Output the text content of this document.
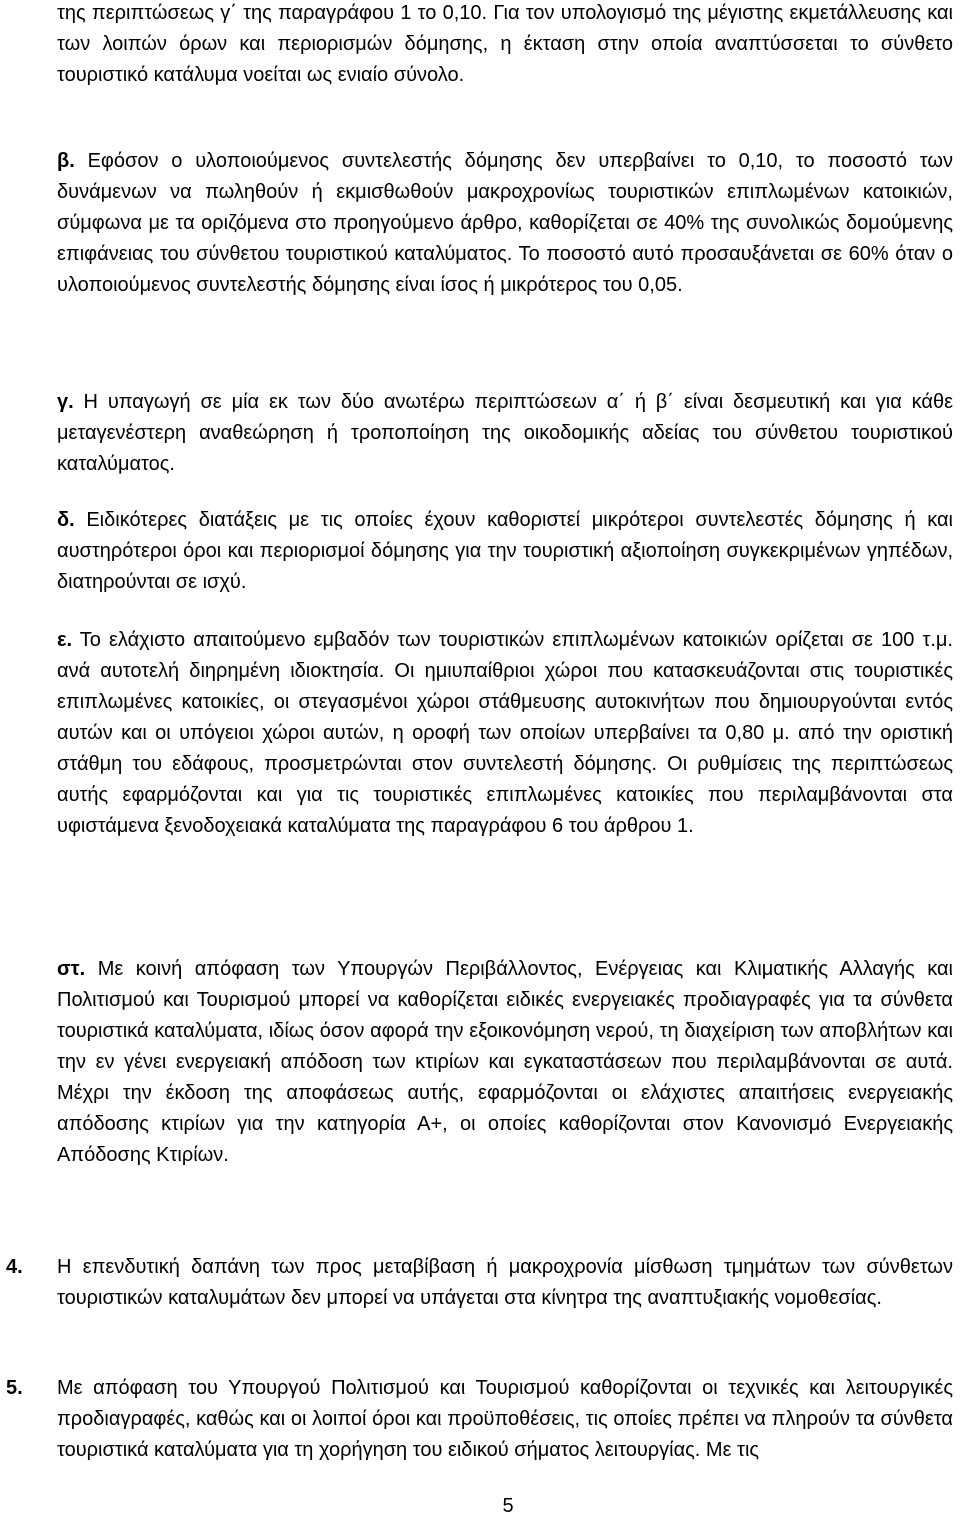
της περιπτώσεως γ΄ της παραγράφου 1 το 0,10. Για τον υπολογισμό της μέγιστης εκμετάλλευσης και των λοιπών όρων και περιορισμών δόμησης, η έκταση στην οποία αναπτύσσεται το σύνθετο τουριστικό κατάλυμα νοείται ως ενιαίο σύνολο.

β. Εφόσον ο υλοποιούμενος συντελεστής δόμησης δεν υπερβαίνει το 0,10, το ποσοστό των δυνάμενων να πωληθούν ή εκμισθωθούν μακροχρονίως τουριστικών επιπλωμένων κατοικιών, σύμφωνα με τα οριζόμενα στο προηγούμενο άρθρο, καθορίζεται σε 40% της συνολικώς δομούμενης επιφάνειας του σύνθετου τουριστικού καταλύματος. Το ποσοστό αυτό προσαυξάνεται σε 60% όταν ο υλοποιούμενος συντελεστής δόμησης είναι ίσος ή μικρότερος του 0,05.

γ. Η υπαγωγή σε μία εκ των δύο ανωτέρω περιπτώσεων α΄ ή β΄ είναι δεσμευτική και για κάθε μεταγενέστερη αναθεώρηση ή τροποποίηση της οικοδομικής αδείας του σύνθετου τουριστικού καταλύματος.

δ. Ειδικότερες διατάξεις με τις οποίες έχουν καθοριστεί μικρότεροι συντελεστές δόμησης ή και αυστηρότεροι όροι και περιορισμοί δόμησης για την τουριστική αξιοποίηση συγκεκριμένων γηπέδων, διατηρούνται σε ισχύ.

ε. Το ελάχιστο απαιτούμενο εμβαδόν των τουριστικών επιπλωμένων κατοικιών ορίζεται σε 100 τ.μ. ανά αυτοτελή διηρημένη ιδιοκτησία. Οι ημιυπαίθριοι χώροι που κατασκευάζονται στις τουριστικές επιπλωμένες κατοικίες, οι στεγασμένοι χώροι στάθμευσης αυτοκινήτων που δημιουργούνται εντός αυτών και οι υπόγειοι χώροι αυτών, η οροφή των οποίων υπερβαίνει τα 0,80 μ. από την οριστική στάθμη του εδάφους, προσμετρώνται στον συντελεστή δόμησης. Οι ρυθμίσεις της περιπτώσεως αυτής εφαρμόζονται και για τις τουριστικές επιπλωμένες κατοικίες που περιλαμβάνονται στα υφιστάμενα ξενοδοχειακά καταλύματα της παραγράφου 6 του άρθρου 1.

στ. Με κοινή απόφαση των Υπουργών Περιβάλλοντος, Ενέργειας και Κλιματικής Αλλαγής και Πολιτισμού και Τουρισμού μπορεί να καθορίζεται ειδικές ενεργειακές προδιαγραφές για τα σύνθετα τουριστικά καταλύματα, ιδίως όσον αφορά την εξοικονόμηση νερού, τη διαχείριση των αποβλήτων και την εν γένει ενεργειακή απόδοση των κτιρίων και εγκαταστάσεων που περιλαμβάνονται σε αυτά. Μέχρι την έκδοση της αποφάσεως αυτής, εφαρμόζονται οι ελάχιστες απαιτήσεις ενεργειακής απόδοσης κτιρίων για την κατηγορία Α+, οι οποίες καθορίζονται στον Κανονισμό Ενεργειακής Απόδοσης Κτιρίων.

4. Η επενδυτική δαπάνη των προς μεταβίβαση ή μακροχρονία μίσθωση τμημάτων των σύνθετων τουριστικών καταλυμάτων δεν μπορεί να υπάγεται στα κίνητρα της αναπτυξιακής νομοθεσίας.

5. Με απόφαση του Υπουργού Πολιτισμού και Τουρισμού καθορίζονται οι τεχνικές και λειτουργικές προδιαγραφές, καθώς και οι λοιποί όροι και προϋποθέσεις, τις οποίες πρέπει να πληρούν τα σύνθετα τουριστικά καταλύματα για τη χορήγηση του ειδικού σήματος λειτουργίας. Με τις

5
